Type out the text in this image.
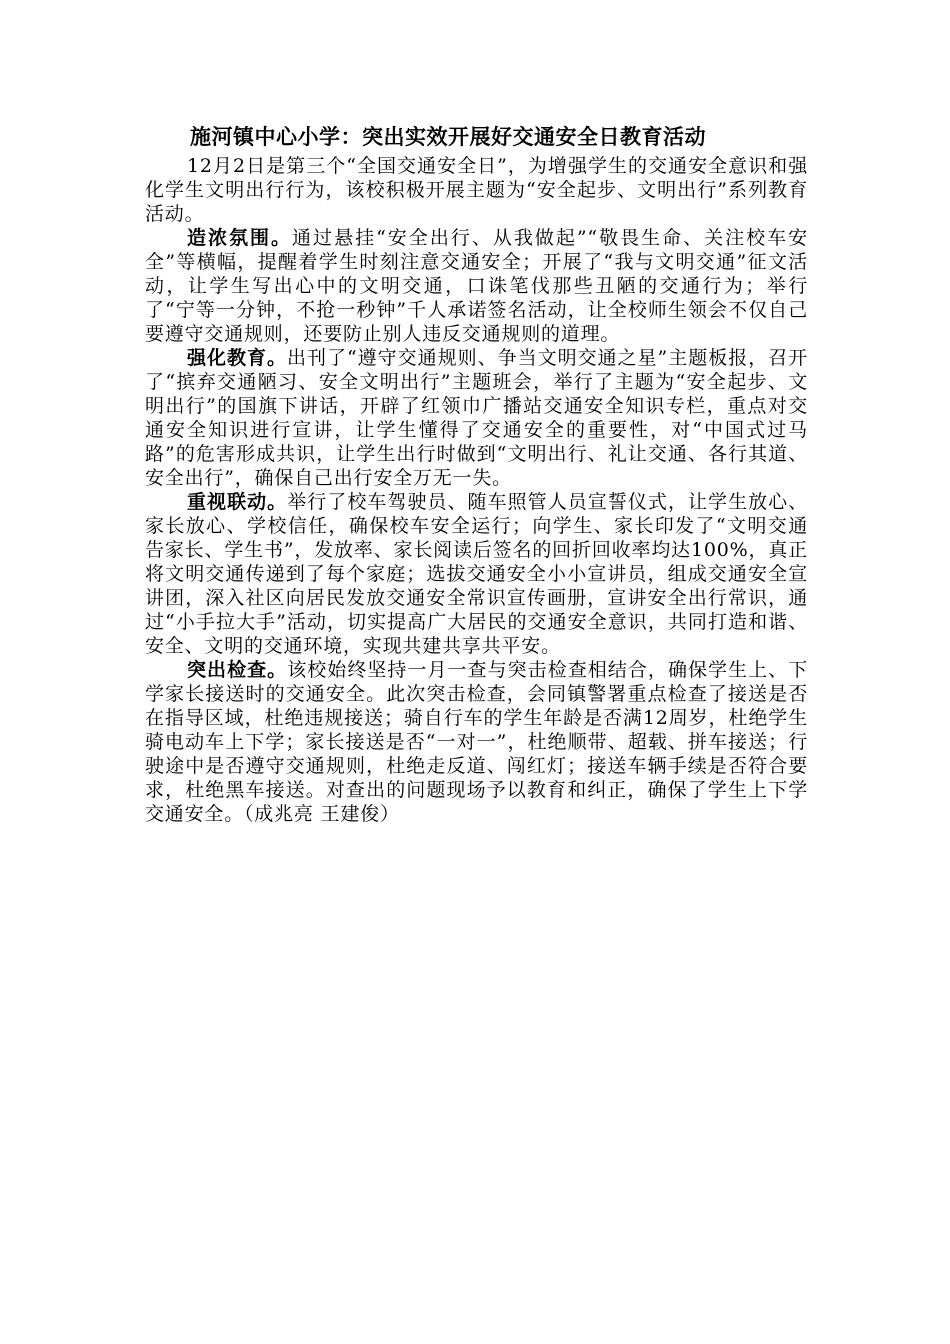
施河镇中心小学：突出实效开展好交通安全日教育活动

12月2日是第三个“全国交通安全日”，为增强学生的交通安全意识和强化学生文明出行行为，该校积极开展主题为“安全起步、文明出行”系列教育活动。

造浓氛围。通过悬挂“安全出行、从我做起”“敬畏生命、关注校车安全”等横幅，提醒着学生时刻注意交通安全；开展了“我与文明交通”征文活动，让学生写出心中的文明交通，口诛笔伐那些丑陋的交通行为；举行了“宁等一分钟，不抢一秒钟”千人承诺签名活动，让全校师生领会不仅自己要遵守交通规则，还要防止别人违反交通规则的道理。

强化教育。出刊了“遵守交通规则、争当文明交通之星”主题板报，召开了“摈弃交通陋习、安全文明出行”主题班会，举行了主题为“安全起步、文明出行”的国旗下讲话，开辟了红领巾广播站交通安全知识专栏，重点对交通安全知识进行宣讲，让学生懂得了交通安全的重要性，对“中国式过马路”的危害形成共识，让学生出行时做到“文明出行、礼让交通、各行其道、安全出行”，确保自己出行安全万无一失。

重视联动。举行了校车驾驶员、随车照管人员宣誓仪式，让学生放心、家长放心、学校信任，确保校车安全运行；向学生、家长印发了“文明交通告家长、学生书”，发放率、家长阅读后签名的回折回收率均达100%，真正将文明交通传递到了每个家庭；选拔交通安全小小宣讲员，组成交通安全宣讲团，深入社区向居民发放交通安全常识宣传画册，宣讲安全出行常识，通过“小手拉大手”活动，切实提高广大居民的交通安全意识，共同打造和谐、安全、文明的交通环境，实现共建共享共平安。

突出检查。该校始终坚持一月一查与突击检查相结合，确保学生上、下学家长接送时的交通安全。此次突击检查，会同镇警署重点检查了接送是否在指导区域，杜绝违规接送；骑自行车的学生年龄是否满12周岁，杜绝学生骑电动车上下学；家长接送是否“一对一”，杜绝顺带、超载、拼车接送；行驶途中是否遵守交通规则，杜绝走反道、闯红灯；接送车辆手续是否符合要求，杜绝黑车接送。对查出的问题现场予以教育和纠正，确保了学生上下学交通安全。（成兆亮 王建俊）
